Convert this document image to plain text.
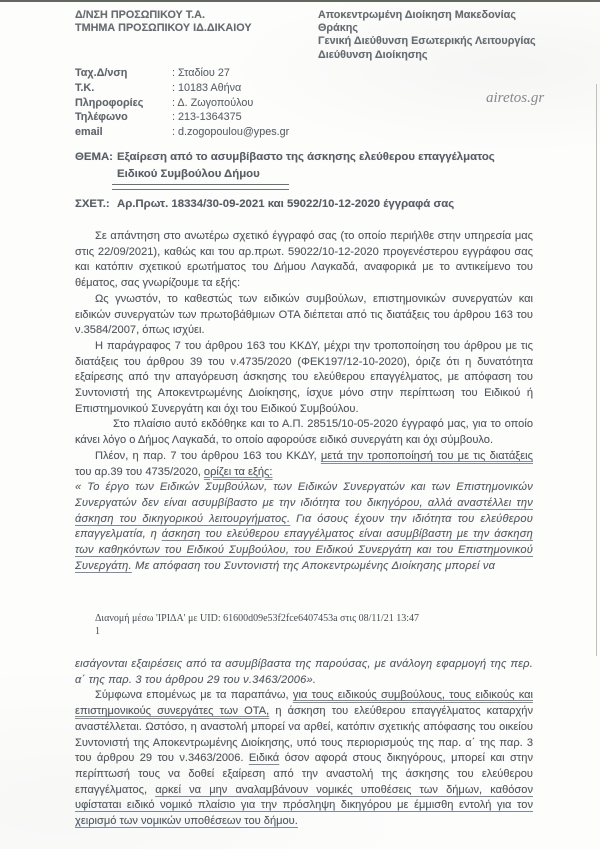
Δ/ΝΣΗ ΠΡΟΣΩΠΙΚΟΥ Τ.Α.
ΤΜΗΜΑ ΠΡΟΣΩΠΙΚΟΥ ΙΔ.ΔΙΚΑΙΟΥ
Αποκεντρωμένη Διοίκηση Μακεδονίας
Θράκης
Γενική Διεύθυνση Εσωτερικής Λειτουργίας
Διεύθυνση Διοίκησης
Ταχ.Δ/νση	: Σταδίου 27
Τ.Κ.	: 10183 Αθήνα
Πληροφορίες	: Δ. Ζωγοπούλου
Τηλέφωνο	: 213-1364375
email	: d.zogopoulou@ypes.gr
airetos.gr
ΘΕΜΑ: Εξαίρεση από το ασυμβίβαστο της άσκησης ελεύθερου επαγγέλματος
Ειδικού Συμβούλου Δήμου
ΣΧΕΤ.: Αρ.Πρωτ. 18334/30-09-2021 και 59022/10-12-2020 έγγραφά σας

Σε απάντηση στο ανωτέρω σχετικό έγγραφό σας (το οποίο περιήλθε στην υπηρεσία μας στις 22/09/2021), καθώς και του αρ.πρωτ. 59022/10-12-2020 προγενέστερου εγγράφου σας και κατόπιν σχετικού ερωτήματος του Δήμου Λαγκαδά, αναφορικά με το αντικείμενο του θέματος, σας γνωρίζουμε τα εξής:

Ως γνωστόν, το καθεστώς των ειδικών συμβούλων, επιστημονικών συνεργατών και ειδικών συνεργατών των πρωτοβάθμιων ΟΤΑ διέπεται από τις διατάξεις του άρθρου 163 του ν.3584/2007, όπως ισχύει.

Η παράγραφος 7 του άρθρου 163 του ΚΚΔΥ, μέχρι την τροποποίηση του άρθρου με τις διατάξεις του άρθρου 39 του ν.4735/2020 (ΦΕΚ197/12-10-2020), όριζε ότι η δυνατότητα εξαίρεσης από την απαγόρευση άσκησης του ελεύθερου επαγγέλματος, με απόφαση του Συντονιστή της Αποκεντρωμένης Διοίκησης, ίσχυε μόνο στην περίπτωση του Ειδικού ή Επιστημονικού Συνεργάτη και όχι του Ειδικού Συμβούλου.

Στο πλαίσιο αυτό εκδόθηκε και το Α.Π. 28515/10-05-2020 έγγραφό μας, για το οποίο κάνει λόγο ο Δήμος Λαγκαδά, το οποίο αφορούσε ειδικό συνεργάτη και όχι σύμβουλο.

Πλέον, η παρ. 7 του άρθρου 163 του ΚΚΔΥ, μετά την τροποποίησή του με τις διατάξεις του αρ.39 του 4735/2020, ορίζει τα εξής:

« Το έργο των Ειδικών Συμβούλων, των Ειδικών Συνεργατών και των Επιστημονικών Συνεργατών δεν είναι ασυμβίβαστο με την ιδιότητα του δικηγόρου, αλλά αναστέλλει την άσκηση του δικηγορικού λειτουργήματος. Για όσους έχουν την ιδιότητα του ελεύθερου επαγγελματία, η άσκηση του ελεύθερου επαγγέλματος είναι ασυμβίβαστη με την άσκηση των καθηκόντων του Ειδικού Συμβούλου, του Ειδικού Συνεργάτη και του Επιστημονικού Συνεργάτη. Με απόφαση του Συντονιστή της Αποκεντρωμένης Διοίκησης μπορεί να

Διανομή μέσω 'ΙΡΙΔΑ' με UID: 61600d09e53f2fce6407453a στις 08/11/21 13:47
1

εισάγονται εξαιρέσεις από τα ασυμβίβαστα της παρούσας, με ανάλογη εφαρμογή της περ. α΄ της παρ. 3 του άρθρου 29 του ν.3463/2006».

Σύμφωνα επομένως με τα παραπάνω, για τους ειδικούς συμβούλους, τους ειδικούς και επιστημονικούς συνεργάτες των ΟΤΑ, η άσκηση του ελεύθερου επαγγέλματος καταρχήν αναστέλλεται. Ωστόσο, η αναστολή μπορεί να αρθεί, κατόπιν σχετικής απόφασης του οικείου Συντονιστή της Αποκεντρωμένης Διοίκησης, υπό τους περιορισμούς της παρ. α΄ της παρ. 3 του άρθρου 29 του ν.3463/2006. Ειδικά όσον αφορά στους δικηγόρους, μπορεί και στην περίπτωσή τους να δοθεί εξαίρεση από την αναστολή της άσκησης του ελεύθερου επαγγέλματος, αρκεί να μην αναλαμβάνουν νομικές υποθέσεις των δήμων, καθόσον υφίσταται ειδικό νομικό πλαίσιο για την πρόσληψη δικηγόρου με έμμισθη εντολή για τον χειρισμό των νομικών υποθέσεων του δήμου.
